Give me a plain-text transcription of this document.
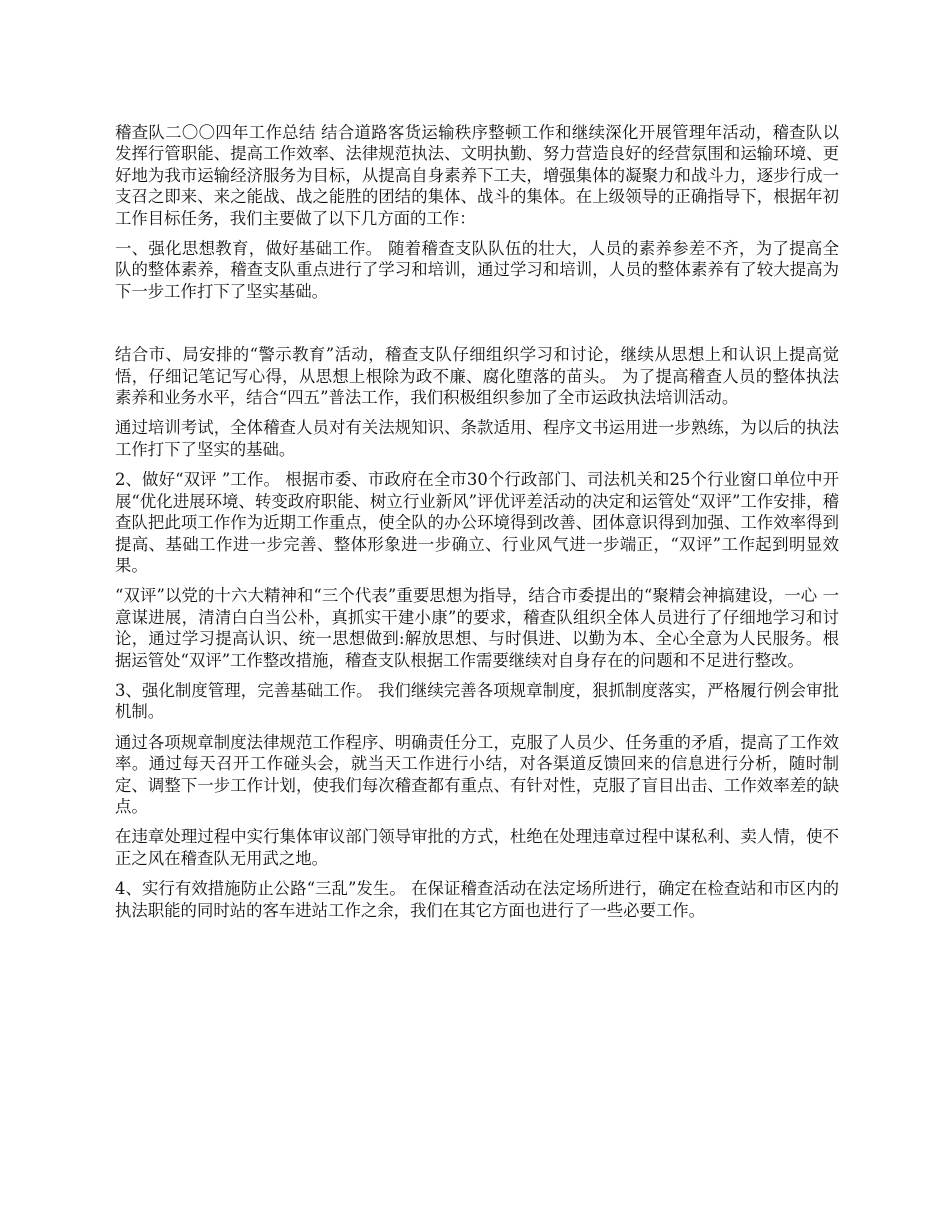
稽查队二〇〇四年工作总结 结合道路客货运输秩序整顿工作和继续深化开展管理年活动，稽查队以发挥行管职能、提高工作效率、法律规范执法、文明执勤、努力营造良好的经营氛围和运输环境、更好地为我市运输经济服务为目标，从提高自身素养下工夫，增强集体的凝聚力和战斗力，逐步行成一支召之即来、来之能战、战之能胜的团结的集体、战斗的集体。在上级领导的正确指导下，根据年初工作目标任务，我们主要做了以下几方面的工作：

一、强化思想教育，做好基础工作。 随着稽查支队队伍的壮大，人员的素养参差不齐，为了提高全队的整体素养，稽查支队重点进行了学习和培训，通过学习和培训，人员的整体素养有了较大提高为下一步工作打下了坚实基础。

结合市、局安排的“警示教育”活动，稽查支队仔细组织学习和讨论，继续从思想上和认识上提高觉悟，仔细记笔记写心得，从思想上根除为政不廉、腐化堕落的苗头。 为了提高稽查人员的整体执法素养和业务水平，结合“四五”普法工作，我们积极组织参加了全市运政执法培训活动。

通过培训考试，全体稽查人员对有关法规知识、条款适用、程序文书运用进一步熟练，为以后的执法工作打下了坚实的基础。

2、做好“双评 ”工作。 根据市委、市政府在全市30个行政部门、司法机关和25个行业窗口单位中开展“优化进展环境、转变政府职能、树立行业新风”评优评差活动的决定和运管处“双评”工作安排，稽查队把此项工作作为近期工作重点，使全队的办公环境得到改善、团体意识得到加强、工作效率得到提高、基础工作进一步完善、整体形象进一步确立、行业风气进一步端正，“双评”工作起到明显效果。

“双评”以党的十六大精神和“三个代表”重要思想为指导，结合市委提出的“聚精会神搞建设，一心 一意谋进展，清清白白当公朴，真抓实干建小康”的要求，稽查队组织全体人员进行了仔细地学习和讨论，通过学习提高认识、统一思想做到:解放思想、与时俱进、以勤为本、全心全意为人民服务。根据运管处“双评”工作整改措施，稽查支队根据工作需要继续对自身存在的问题和不足进行整改。

3、强化制度管理，完善基础工作。 我们继续完善各项规章制度，狠抓制度落实，严格履行例会审批机制。

通过各项规章制度法律规范工作程序、明确责任分工，克服了人员少、任务重的矛盾，提高了工作效率。通过每天召开工作碰头会，就当天工作进行小结，对各渠道反馈回来的信息进行分析，随时制定、调整下一步工作计划，使我们每次稽查都有重点、有针对性，克服了盲目出击、工作效率差的缺点。

在违章处理过程中实行集体审议部门领导审批的方式，杜绝在处理违章过程中谋私利、卖人情，使不正之风在稽查队无用武之地。

4、实行有效措施防止公路“三乱”发生。 在保证稽查活动在法定场所进行，确定在检查站和市区内的执法职能的同时站的客车进站工作之余，我们在其它方面也进行了一些必要工作。
